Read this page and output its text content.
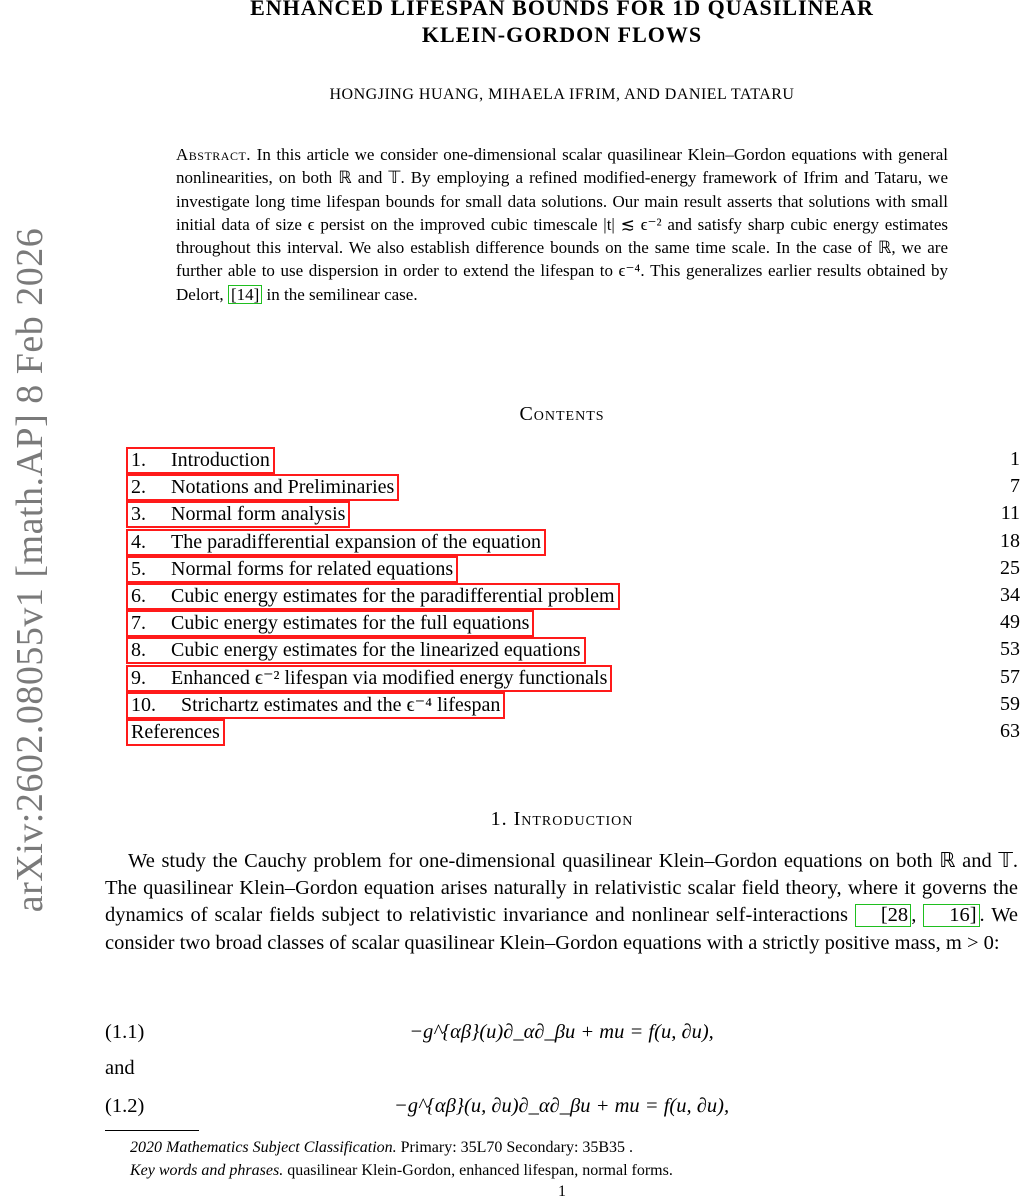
arXiv:2602.08055v1 [math.AP] 8 Feb 2026
ENHANCED LIFESPAN BOUNDS FOR 1D QUASILINEAR
KLEIN-GORDON FLOWS
HONGJING HUANG, MIHAELA IFRIM, AND DANIEL TATARU
Abstract. In this article we consider one-dimensional scalar quasilinear Klein–Gordon equations with general nonlinearities, on both ℝ and 𝕋. By employing a refined modified-energy framework of Ifrim and Tataru, we investigate long time lifespan bounds for small data solutions. Our main result asserts that solutions with small initial data of size ϵ persist on the improved cubic timescale |t| ≲ ϵ⁻² and satisfy sharp cubic energy estimates throughout this interval. We also establish difference bounds on the same time scale. In the case of ℝ, we are further able to use dispersion in order to extend the lifespan to ϵ⁻⁴. This generalizes earlier results obtained by Delort, [14] in the semilinear case.
Contents
1. Introduction	1
2. Notations and Preliminaries	7
3. Normal form analysis	11
4. The paradifferential expansion of the equation	18
5. Normal forms for related equations	25
6. Cubic energy estimates for the paradifferential problem	34
7. Cubic energy estimates for the full equations	49
8. Cubic energy estimates for the linearized equations	53
9. Enhanced ϵ⁻² lifespan via modified energy functionals	57
10. Strichartz estimates and the ϵ⁻⁴ lifespan	59
References	63
1. Introduction

We study the Cauchy problem for one-dimensional quasilinear Klein–Gordon equations on both ℝ and 𝕋. The quasilinear Klein–Gordon equation arises naturally in relativistic scalar field theory, where it governs the dynamics of scalar fields subject to relativistic invariance and nonlinear self-interactions [28 , 16] . We consider two broad classes of scalar quasilinear Klein–Gordon equations with a strictly positive mass, m > 0:

(1.1)	−g^{αβ}(u)∂_α∂_βu + mu = f(u, ∂u),
and
(1.2)	−g^{αβ}(u, ∂u)∂_α∂_βu + mu = f(u, ∂u),
2020 Mathematics Subject Classification. Primary: 35L70 Secondary: 35B35 .
Key words and phrases. quasilinear Klein-Gordon, enhanced lifespan, normal forms.
1
